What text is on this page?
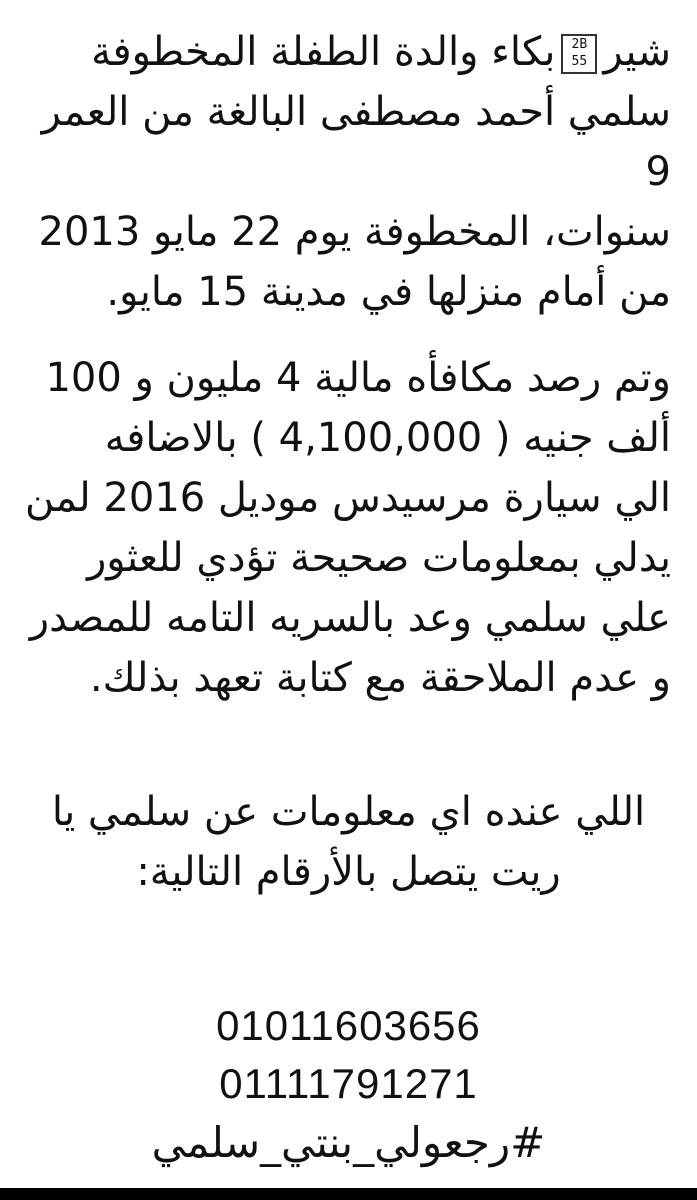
شير
2B
55
بكاء والدة الطفلة المخطوفة
سلمي أحمد مصطفى البالغة من العمر 9
سنوات، المخطوفة يوم 22 مايو 2013
من أمام منزلها في مدينة 15 مايو.

وتم رصد مكافأه مالية 4 مليون و 100
ألف جنيه ( 4,100,000 ) بالاضافه
الي سيارة مرسيدس موديل 2016 لمن
يدلي بمعلومات صحيحة تؤدي للعثور
علي سلمي وعد بالسريه التامه للمصدر
و عدم الملاحقة مع كتابة تعهد بذلك.

اللي عنده اي معلومات عن سلمي يا
ريت يتصل بالأرقام التالية:

01011603656
01111791271
#رجعولي_بنتي_سلمي
